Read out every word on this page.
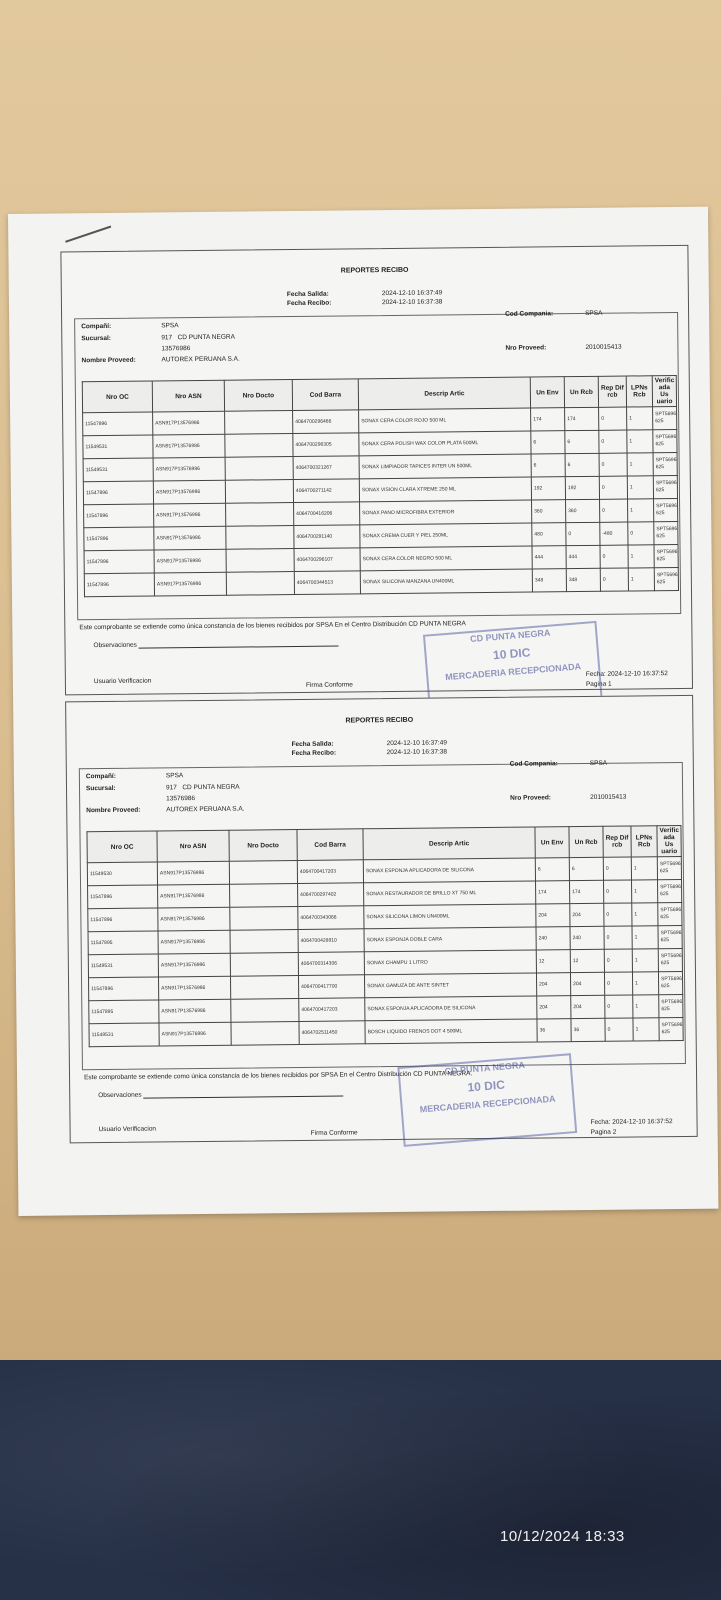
REPORTES RECIBO
Fecha Salida:	2024-12-10 16:37:49
Fecha Recibo:	2024-12-10 16:37:38
Compañí:	SPSA
Cod Compania:	SPSA
Sucursal:	917 CD PUNTA NEGRA
13576986
Nombre Proveed:	AUTOREX PERUANA S.A.
Nro Proveed:	2010015413
Nro OC	Nro ASN	Nro Docto	Cod Barra	Descrip Artic	Un Env	Un Rcb	Rep Dif rcb	LPNs Rcb	Verific ada Us uario
11547896	ASN917P13576986		4064700296466	SONAX CERA COLOR ROJO 500 ML	174	174	0	1	SPT5696 625
11549531	ASN917P13576986		4064700296305	SONAX CERA POLISH WAX COLOR PLATA 500ML	6	6	0	1	SPT5696 625
11549531	ASN917P13576986		4064700321267	SONAX LIMPIADOR TAPICES INTER UN 500ML	6	6	0	1	SPT5696 625
11547896	ASN917P13576986		4064700271142	SONAX VISION CLARA XTREME 250 ML	192	192	0	1	SPT5696 625
11547896	ASN917P13576986		4064700416206	SONAX PANO MICROFIBRA EXTERIOR	360	360	0	1	SPT5696 625
11547896	ASN917P13576986		4064700291140	SONAX CREMA CUER Y PIEL 250ML	480	0	-480	0	SPT5696 625
11547896	ASN917P13576986		4064700296107	SONAX CERA COLOR NEGRO 500 ML	444	444	0	1	SPT5696 625
11547896	ASN917P13576986		4064700344513	SONAX SILICONA MANZANA UN400ML	348	348	0	1	SPT5696 625
Este comprobante se extiende como única constancia de los bienes recibidos por SPSA En el Centro Distribución CD PUNTA NEGRA
Observaciones
Usuario Verificacion
Firma Conforme
Fecha: 2024-12-10 16:37:52
Pagina 1
CD PUNTA NEGRA
10 DIC
MERCADERIA RECEPCIONADA
REPORTES RECIBO
Fecha Salida:	2024-12-10 16:37:49
Fecha Recibo:	2024-12-10 16:37:38
Compañí:	SPSA
Cod Compania:	SPSA
Sucursal:	917 CD PUNTA NEGRA
13576986
Nombre Proveed:	AUTOREX PERUANA S.A.
Nro Proveed:	2010015413
Nro OC	Nro ASN	Nro Docto	Cod Barra	Descrip Artic	Un Env	Un Rcb	Rep Dif rcb	LPNs Rcb	Verific ada Us uario
11549530	ASN917P13576986		4064700417203	SONAX ESPONJA APLICADORA DE SILICONA	6	6	0	1	SPT5696 625
11547896	ASN917P13576986		4064700297402	SONAX RESTAURADOR DE BRILLO XT 750 ML	174	174	0	1	SPT5696 625
11547896	ASN917P13576986		4064700343066	SONAX SILICONA LIMON UN400ML	204	204	0	1	SPT5696 625
11547895	ASN917P13576986		4064700428810	SONAX ESPONJA DOBLE CARA	240	240	0	1	SPT5696 625
11549531	ASN917P13576986		4064700314306	SONAX CHAMPU 1 LITRO	12	12	0	1	SPT5696 625
11547896	ASN917P13576986		4064700417700	SONAX GAMUZA DE ANTE SINTET	204	204	0	1	SPT5696 625
11547895	ASN917P13576986		4064700417203	SONAX ESPONJA APLICADORA DE SILICONA	204	204	0	1	SPT5696 625
11549531	ASN917P13576986		4064702511450	BOSCH LIQUIDO FRENOS DOT 4 500ML	36	36	0	1	SPT5696 625
Este comprobante se extiende como única constancia de los bienes recibidos por SPSA En el Centro Distribución CD PUNTA NEGRA.
Observaciones
Usuario Verificacion
Firma Conforme
Fecha: 2024-12-10 16:37:52
Pagina 2
CD PUNTA NEGRA
10 DIC
MERCADERIA RECEPCIONADA
10/12/2024 18:33
